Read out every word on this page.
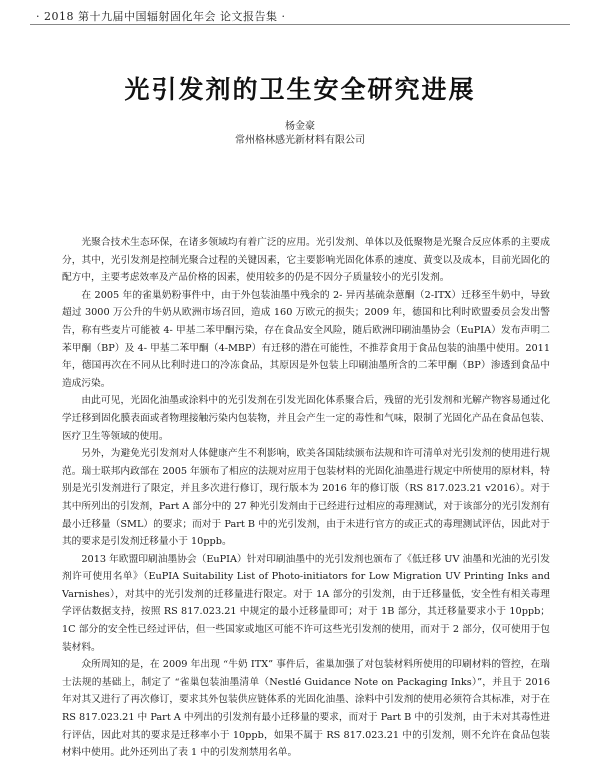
· 2018 第十九届中国辐射固化年会 论文报告集 ·
光引发剂的卫生安全研究进展
杨金豪
常州格林感光新材料有限公司

光聚合技术生态环保，在诸多领域均有着广泛的应用。光引发剂、单体以及低聚物是光聚合反应体系的主要成分，其中，光引发剂是控制光聚合过程的关键因素，它主要影响光固化体系的速度、黄变以及成本，目前光固化的配方中，主要考虑效率及产品价格的因素，使用较多的仍是不因分子质量较小的光引发剂。

在 2005 年的雀巢奶粉事件中，由于外包装油墨中残余的 2- 异丙基硫杂蒽酮（2-ITX）迁移至牛奶中，导致超过 3000 万公升的牛奶从欧洲市场召回，造成 160 万欧元的损失；2009 年，德国和比利时欧盟委员会发出警告，称有些麦片可能被 4- 甲基二苯甲酮污染，存在食品安全风险，随后欧洲印刷油墨协会（EuPIA）发布声明二苯甲酮（BP）及 4- 甲基二苯甲酮（4-MBP）有迁移的潜在可能性，不推荐食用于食品包装的油墨中使用。2011 年，德国再次在不同从比利时进口的冷冻食品，其原因是外包装上印刷油墨所含的二苯甲酮（BP）渗透到食品中造成污染。

由此可见，光固化油墨或涂料中的光引发剂在引发光固化体系聚合后，残留的光引发剂和光解产物容易通过化学迁移到固化膜表面或者物理接触污染内包装物，并且会产生一定的毒性和气味，限制了光固化产品在食品包装、医疗卫生等领域的使用。

另外，为避免光引发剂对人体健康产生不利影响，欧美各国陆续颁布法规和许可清单对光引发剂的使用进行规范。瑞士联邦内政部在 2005 年颁布了相应的法规对应用于包装材料的光固化油墨进行规定中所使用的原材料，特别是光引发剂进行了限定，并且多次进行修订，现行版本为 2016 年的修订版（RS 817.023.21 v2016）。对于其中所列出的引发剂，Part A 部分中的 27 种光引发剂由于已经进行过相应的毒理测试，对于该部分的光引发剂有最小迁移量（SML）的要求；而对于 Part B 中的光引发剂，由于未进行官方的或正式的毒理测试评估，因此对于其的要求是引发剂迁移量小于 10ppb。

2013 年欧盟印刷油墨协会（EuPIA）针对印刷油墨中的光引发剂也颁布了《低迁移 UV 油墨和光油的光引发剂许可使用名单》（EuPIA Suitability List of Photo-initiators for Low Migration UV Printing Inks and Varnishes），对其中的光引发剂的迁移量进行限定。对于 1A 部分的引发剂，由于迁移量低，安全性有相关毒理学评估数据支持，按照 RS 817.023.21 中规定的最小迁移量即可；对于 1B 部分，其迁移量要求小于 10ppb；1C 部分的安全性已经过评估，但一些国家或地区可能不许可这些光引发剂的使用，而对于 2 部分，仅可使用于包装材料。

众所周知的是，在 2009 年出现 “牛奶 ITX” 事件后，雀巢加强了对包装材料所使用的印刷材料的管控，在瑞士法规的基础上，制定了 “雀巢包装油墨清单（Nestlé Guidance Note on Packaging Inks）”，并且于 2016 年对其又进行了再次修订，要求其外包装供应链体系的光固化油墨、涂料中引发剂的使用必须符合其标准，对于在 RS 817.023.21 中 Part A 中列出的引发剂有最小迁移量的要求，而对于 Part B 中的引发剂，由于未对其毒性进行评估，因此对其的要求是迁移率小于 10ppb，如果不属于 RS 817.023.21 中的引发剂，则不允许在食品包装材料中使用。此外还列出了表 1 中的引发剂禁用名单。
